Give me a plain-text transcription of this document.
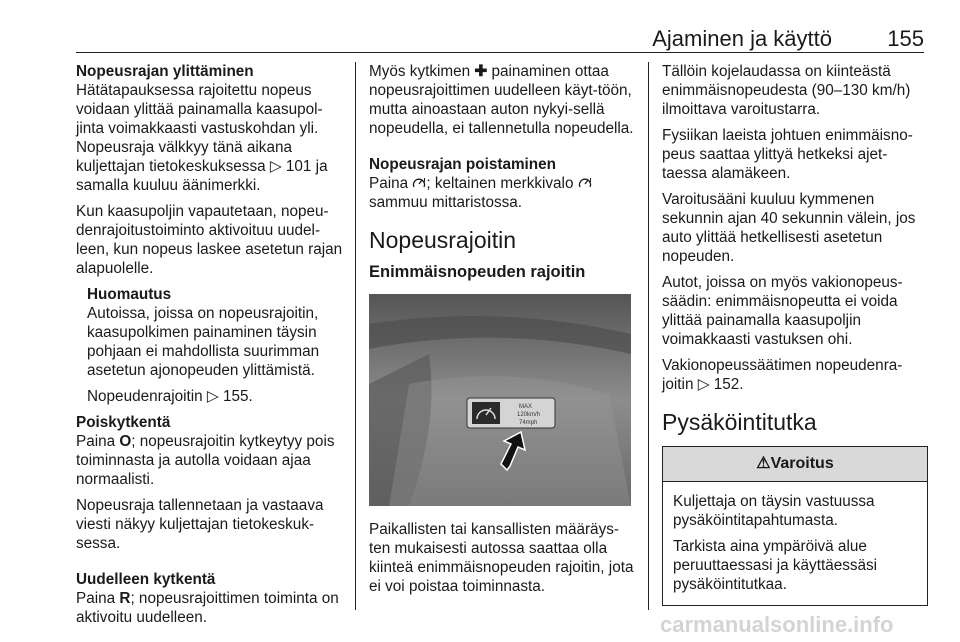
Ajaminen ja käyttö	155
Nopeusrajan ylittäminen

Hätätapauksessa rajoitettu nopeus voidaan ylittää painamalla kaasupol-jinta voimakkaasti vastuskohdan yli. Nopeusraja välkkyy tänä aikana kuljettajan tietokeskuksessa ▷ 101 ja samalla kuuluu äänimerkki.

Kun kaasupoljin vapautetaan, nopeu-denrajoitustoiminto aktivoituu uudel-leen, kun nopeus laskee asetetun rajan alapuolelle.

Huomautus

Autoissa, joissa on nopeusrajoitin, kaasupolkimen painaminen täysin pohjaan ei mahdollista suurimman asetetun ajonopeuden ylittämistä.

Nopeudenrajoitin ▷ 155.

Poiskytkentä

Paina O; nopeusrajoitin kytkeytyy pois toiminnasta ja autolla voidaan ajaa normaalisti.

Nopeusraja tallennetaan ja vastaava viesti näkyy kuljettajan tietokeskuk-sessa.

Uudelleen kytkentä

Paina R; nopeusrajoittimen toiminta on aktivoitu uudelleen.

Myös kytkimen ✚ painaminen ottaa nopeusrajoittimen uudelleen käyt-töön, mutta ainoastaan auton nykyi-sellä nopeudella, ei tallennetulla nopeudella.

Nopeusrajan poistaminen

Paina ; keltainen merkkivalo  sammuu mittaristossa.

Nopeusrajoitin
Enimmäisnopeuden rajoitin
MAX
120km/h
74mph

Paikallisten tai kansallisten määräys-ten mukaisesti autossa saattaa olla kiinteä enimmäisnopeuden rajoitin, jota ei voi poistaa toiminnasta.

Tällöin kojelaudassa on kiinteästä enimmäisnopeudesta (90–130 km/h) ilmoittava varoitustarra.

Fysiikan laeista johtuen enimmäisno-peus saattaa ylittyä hetkeksi ajet-taessa alamäkeen.

Varoitusääni kuuluu kymmenen sekunnin ajan 40 sekunnin välein, jos auto ylittää hetkellisesti asetetun nopeuden.

Autot, joissa on myös vakionopeus-säädin: enimmäisnopeutta ei voida ylittää painamalla kaasupoljin voimakkaasti vastuksen ohi.

Vakionopeussäätimen nopeudenra-joitin ▷ 152.

Pysäköintitutka
⚠Varoitus

Kuljettaja on täysin vastuussa pysäköintitapahtumasta.

Tarkista aina ympäröivä alue peruuttaessasi ja käyttäessäsi pysäköintitutkaa.

carmanualsonline.info
